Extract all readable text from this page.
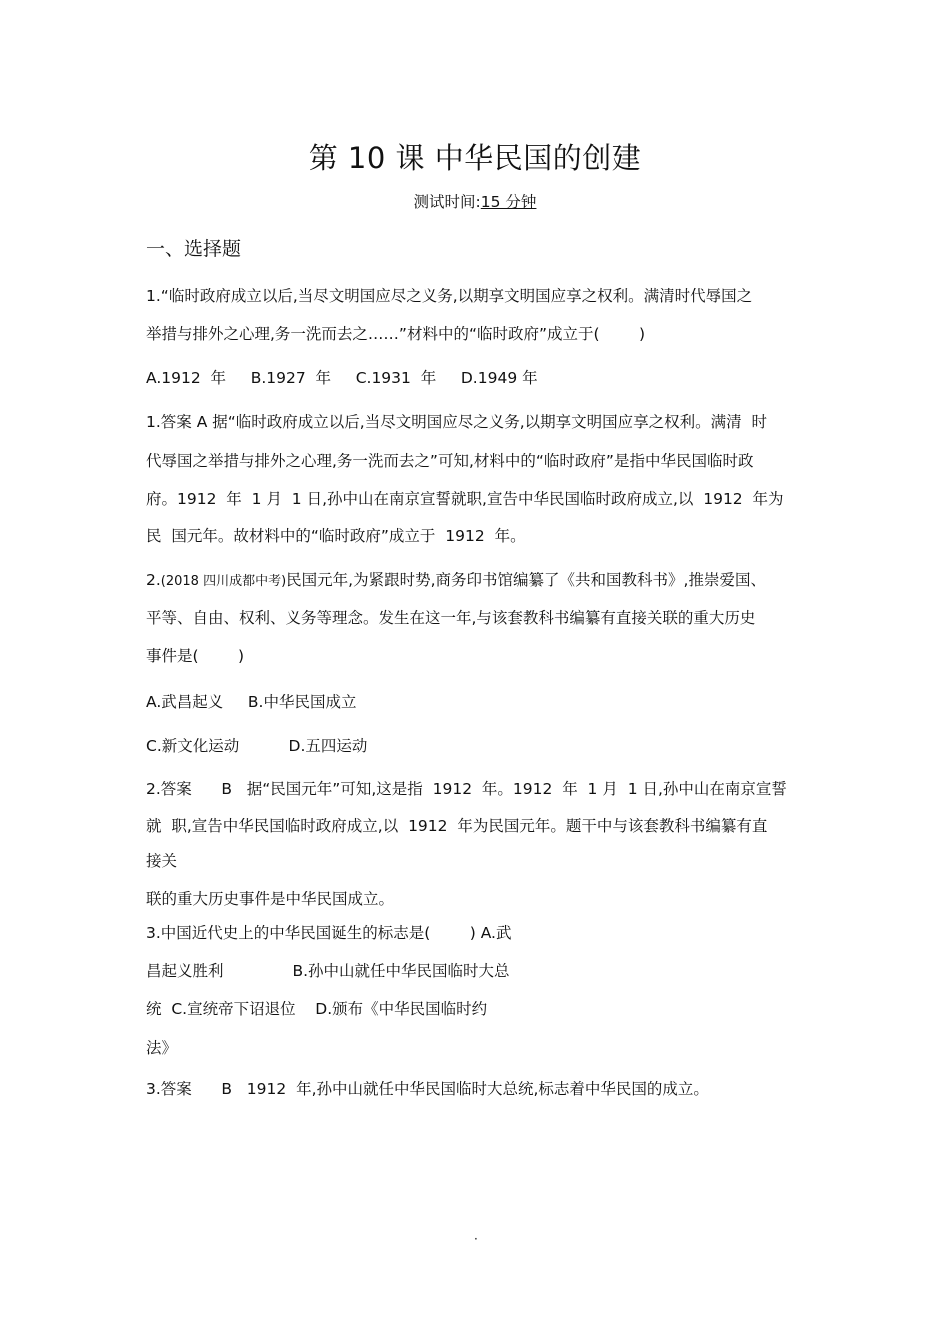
第 10 课 中华民国的创建
测试时间:15 分钟
一、选择题
1.“临时政府成立以后,当尽文明国应尽之义务,以期享文明国应享之权利。满清时代辱国之
举措与排外之心理,务一洗而去之……”材料中的“临时政府”成立于(        )
A.1912  年     B.1927  年     C.1931  年     D.1949 年
1.答案 A 据“临时政府成立以后,当尽文明国应尽之义务,以期享文明国应享之权利。满清  时
代辱国之举措与排外之心理,务一洗而去之”可知,材料中的“临时政府”是指中华民国临时政
府。1912  年  1 月  1 日,孙中山在南京宣誓就职,宣告中华民国临时政府成立,以  1912  年为
民  国元年。故材料中的“临时政府”成立于  1912  年。
2.(2018 四川成都中考)民国元年,为紧跟时势,商务印书馆编纂了《共和国教科书》,推崇爱国、
平等、自由、权利、义务等理念。发生在这一年,与该套教科书编纂有直接关联的重大历史
事件是(        )
A.武昌起义     B.中华民国成立
C.新文化运动          D.五四运动
2.答案      B   据“民国元年”可知,这是指  1912  年。1912  年  1 月  1 日,孙中山在南京宣誓
就  职,宣告中华民国临时政府成立,以  1912  年为民国元年。题干中与该套教科书编纂有直
接关
联的重大历史事件是中华民国成立。
3.中国近代史上的中华民国诞生的标志是(        ) A.武
昌起义胜利              B.孙中山就任中华民国临时大总
统  C.宣统帝下诏退位    D.颁布《中华民国临时约
法》
3.答案      B   1912  年,孙中山就任中华民国临时大总统,标志着中华民国的成立。
·
